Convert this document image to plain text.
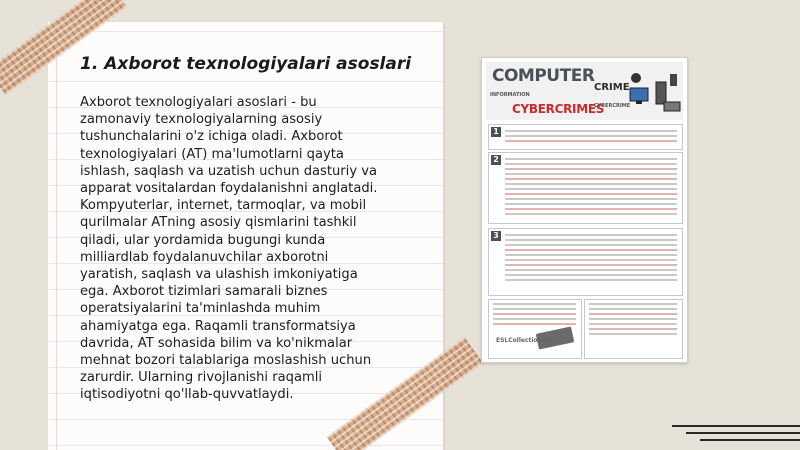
1. Axborot texnologiyalari asoslari

Axborot texnologiyalari asoslari - bu
zamonaviy texnologiyalarning asosiy
tushunchalarini o'z ichiga oladi. Axborot
texnologiyalari (AT) ma'lumotlarni qayta
ishlash, saqlash va uzatish uchun dasturiy va
apparat vositalardan foydalanishni anglatadi.
Kompyuterlar, internet, tarmoqlar, va mobil
qurilmalar ATning asosiy qismlarini tashkil
qiladi, ular yordamida bugungi kunda
milliardlab foydalanuvchilar axborotni
yaratish, saqlash va ulashish imkoniyatiga
ega. Axborot tizimlari samarali biznes
operatsiyalarini ta'minlashda muhim
ahamiyatga ega. Raqamli transformatsiya
davrida, AT sohasida bilim va ko'nikmalar
mehnat bozori talablariga moslashish uchun
zarurdir. Ularning rivojlanishi raqamli
iqtisodiyotni qo'llab-quvvatlaydi.

COMPUTER
CRIME
INFORMATION
CYBERCRIMES
CYBERCRIME
1
2
3
ESLCollectionBank
